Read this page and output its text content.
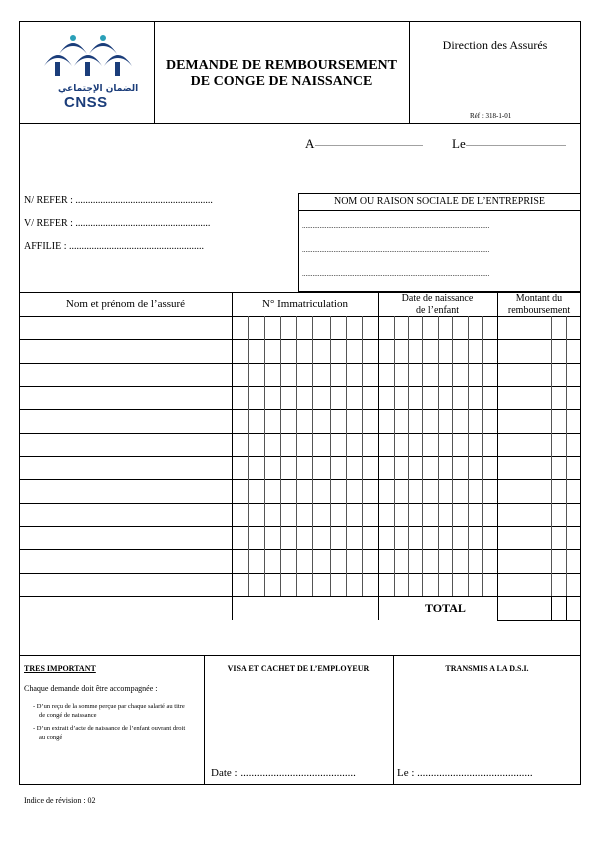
الضمان الإجتماعي
CNSS
DEMANDE DE REMBOURSEMENT
DE CONGE DE NAISSANCE
Direction des Assurés
Réf : 318-1-01
A ...................................................... Le ..................................................
N/ REFER : .......................................................
V/ REFER : ......................................................
AFFILIE : ......................................................
NOM OU RAISON SOCIALE DE L’ENTREPRISE
...........................................................................................................
...........................................................................................................
...........................................................................................................
Nom et prénom de l’assuré	N° Immatriculation	Date de naissance
de l’enfant
Montant du
remboursement
TOTAL
TRES IMPORTANT
Chaque demande doit être accompagnée :
- D’un reçu de la somme perçue par chaque salarié au titre
de congé de naissance
- D’un extrait d’acte de naissance de l’enfant ouvrant droit
au congé
VISA ET CACHET DE L’EMPLOYEUR
Date : ..........................................
TRANSMIS A LA D.S.I.
Le : ..........................................
Indice de révision : 02
